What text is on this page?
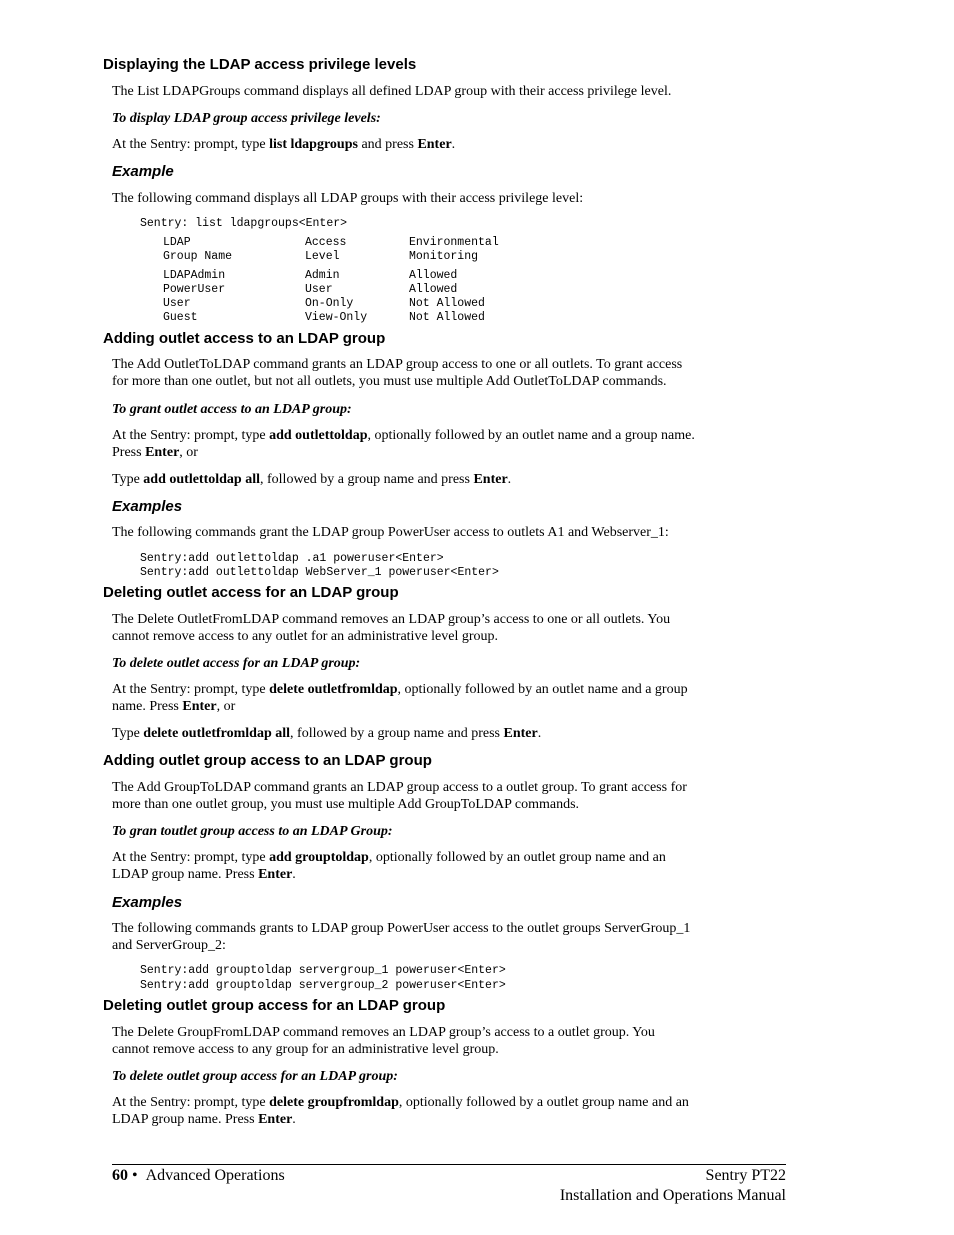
Displaying the LDAP access privilege levels
The List LDAPGroups command displays all defined LDAP group with their access privilege level.
To display LDAP group access privilege levels:
At the Sentry: prompt, type list ldapgroups and press Enter.
Example
The following command displays all LDAP groups with their access privilege level:
Sentry: list ldapgroups<Enter>
LDAP	Access	Environmental
Group Name	Level	Monitoring
LDAPAdmin	Admin	Allowed
PowerUser	User	Allowed
User	On-Only	Not Allowed
Guest	View-Only	Not Allowed
Adding outlet access to an LDAP group
The Add OutletToLDAP command grants an LDAP group access to one or all outlets. To grant access
for more than one outlet, but not all outlets, you must use multiple Add OutletToLDAP commands.
To grant outlet access to an LDAP group:
At the Sentry: prompt, type add outlettoldap, optionally followed by an outlet name and a group name.
Press Enter, or
Type add outlettoldap all, followed by a group name and press Enter.
Examples
The following commands grant the LDAP group PowerUser access to outlets A1 and Webserver_1:
Sentry:add outlettoldap .a1 poweruser<Enter>
Sentry:add outlettoldap WebServer_1 poweruser<Enter>
Deleting outlet access for an LDAP group
The Delete OutletFromLDAP command removes an LDAP group’s access to one or all outlets. You
cannot remove access to any outlet for an administrative level group.
To delete outlet access for an LDAP group:
At the Sentry: prompt, type delete outletfromldap, optionally followed by an outlet name and a group
name. Press Enter, or
Type delete outletfromldap all, followed by a group name and press Enter.
Adding outlet group access to an LDAP group
The Add GroupToLDAP command grants an LDAP group access to a outlet group. To grant access for
more than one outlet group, you must use multiple Add GroupToLDAP commands.
To gran toutlet group access to an LDAP Group:
At the Sentry: prompt, type add grouptoldap, optionally followed by an outlet group name and an
LDAP group name. Press Enter.
Examples
The following commands grants to LDAP group PowerUser access to the outlet groups ServerGroup_1
and ServerGroup_2:
Sentry:add grouptoldap servergroup_1 poweruser<Enter>
Sentry:add grouptoldap servergroup_2 poweruser<Enter>
Deleting outlet group access for an LDAP group
The Delete GroupFromLDAP command removes an LDAP group’s access to a outlet group. You
cannot remove access to any group for an administrative level group.
To delete outlet group access for an LDAP group:
At the Sentry: prompt, type delete groupfromldap, optionally followed by a outlet group name and an
LDAP group name. Press Enter.
60 • Advanced Operations	Sentry PT22
Installation and Operations Manual
